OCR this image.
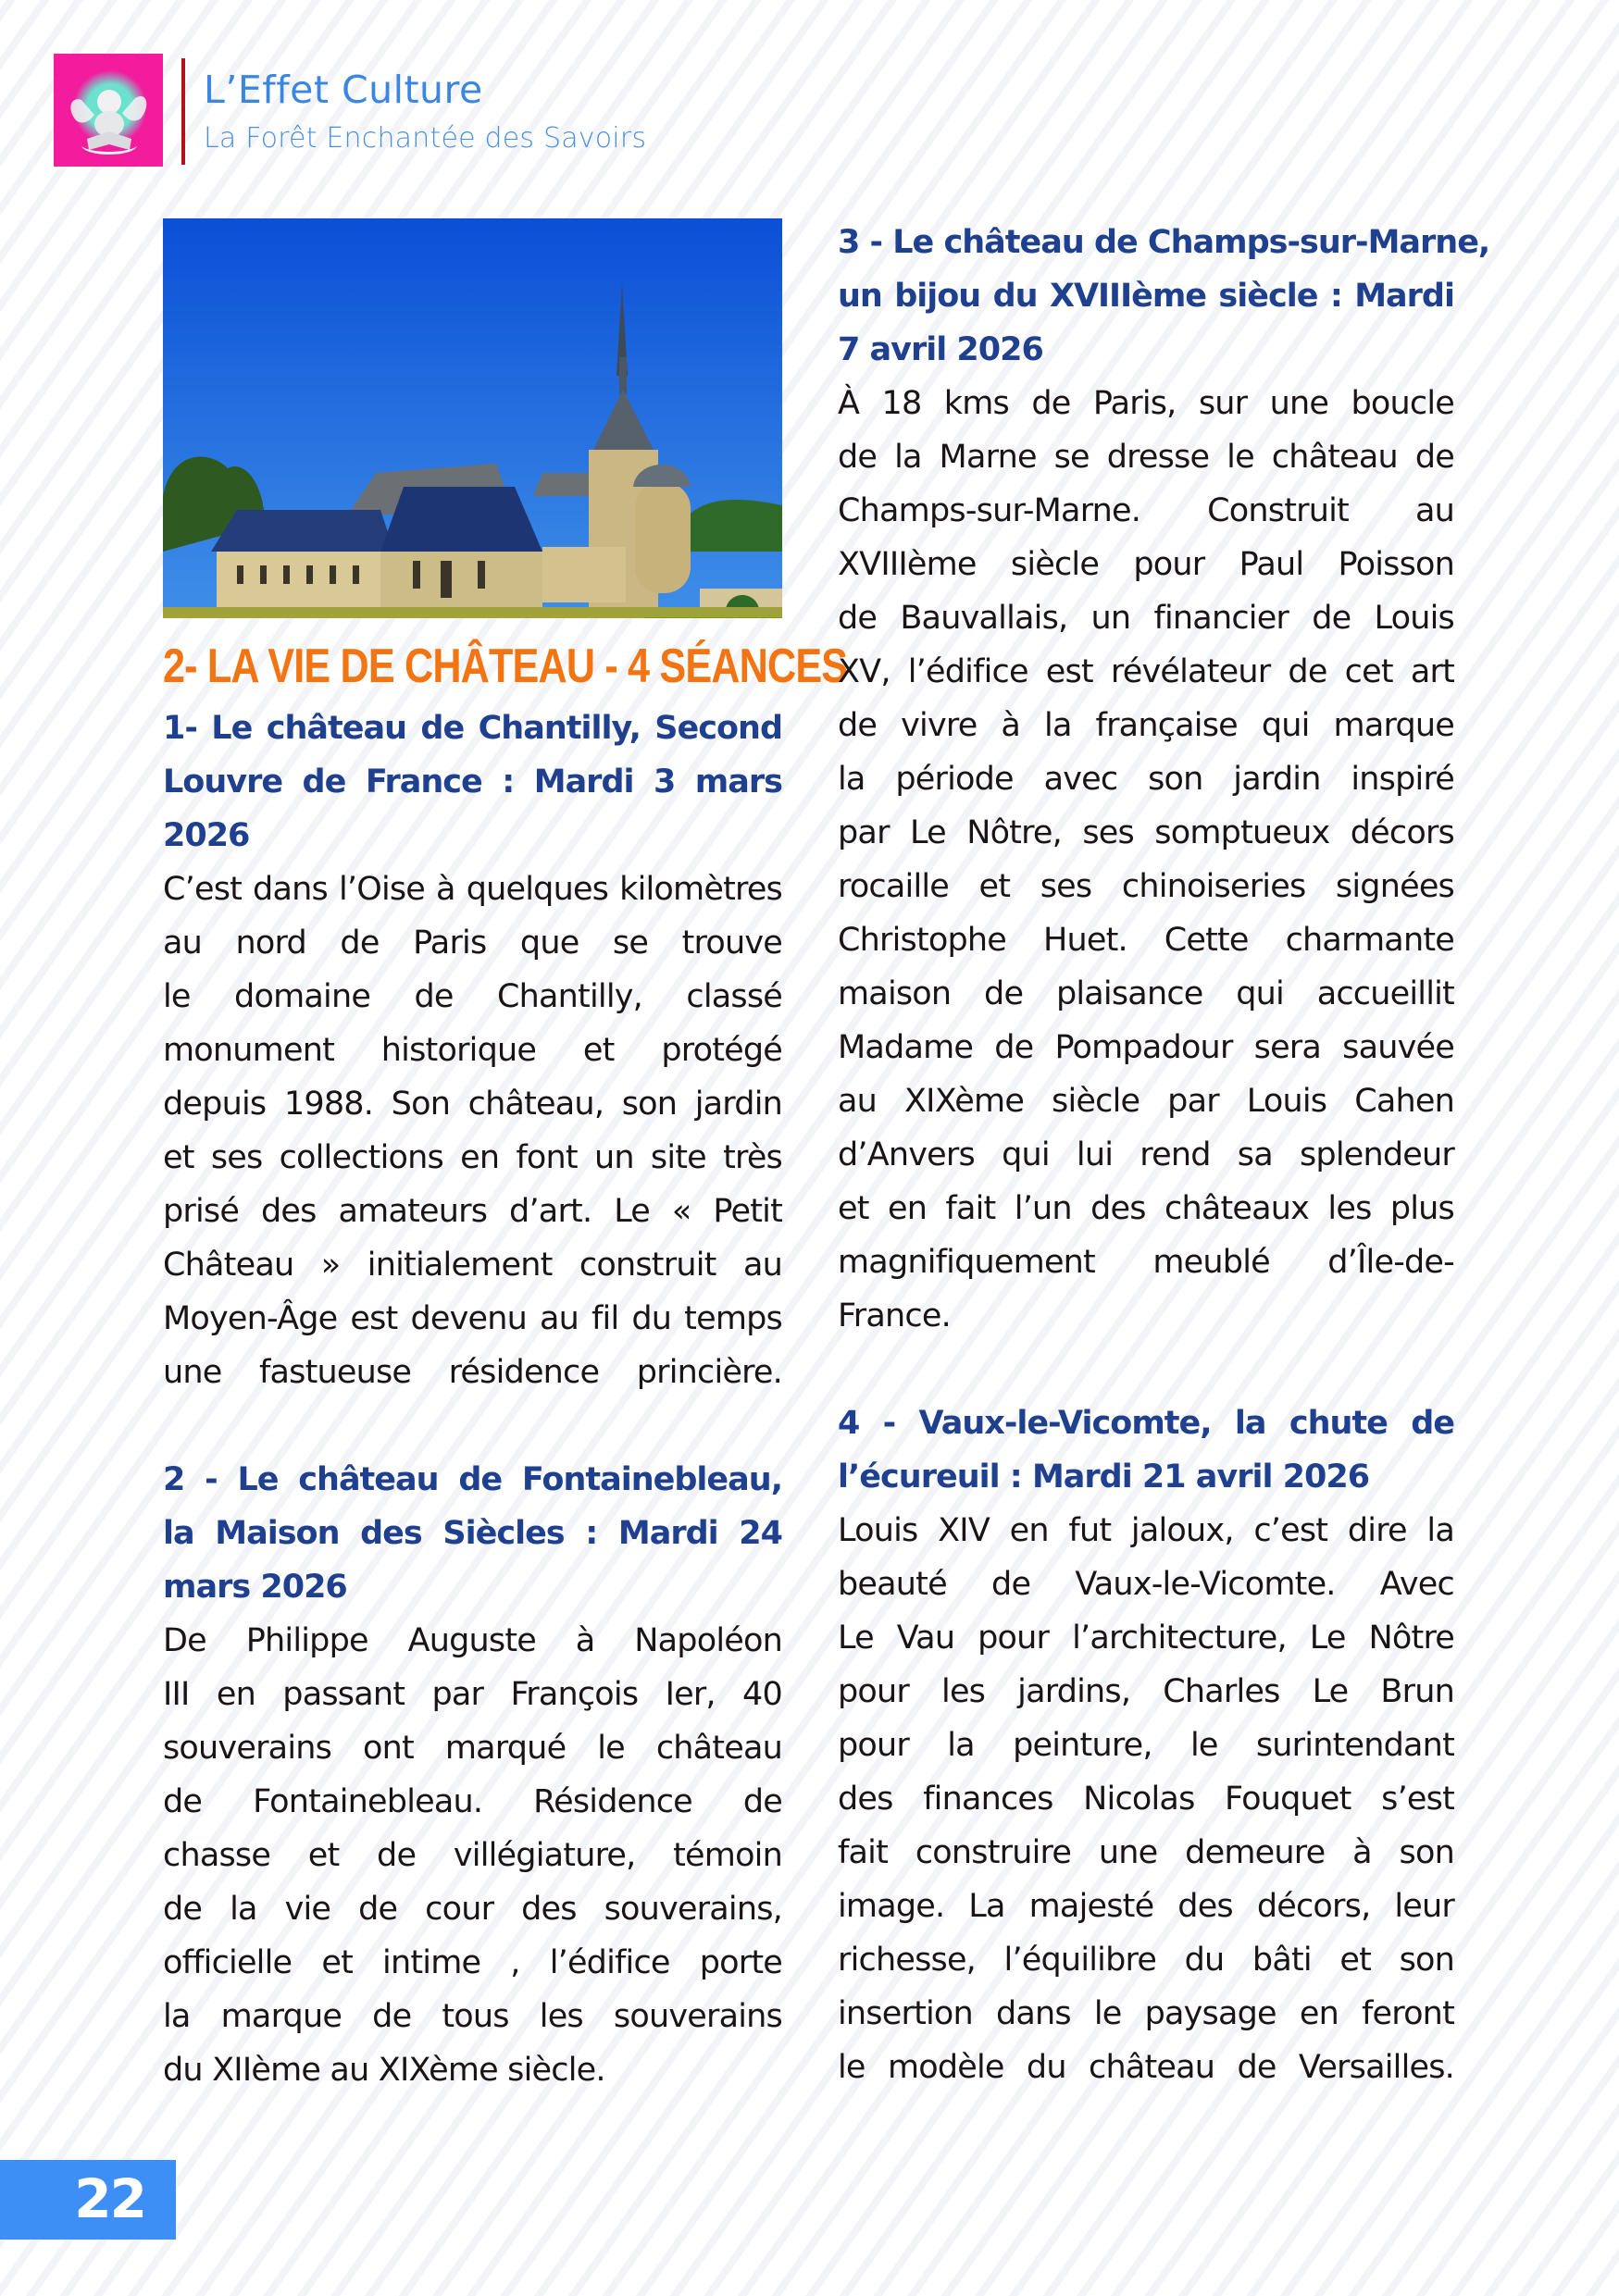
L’Effet Culture
La Forêt Enchantée des Savoirs
2- LA VIE DE CHÂTEAU - 4 SÉANCES
1- Le château de Chantilly, Second
Louvre de France : Mardi 3 mars
2026
C’est dans l’Oise à quelques kilomètres
au nord de Paris que se trouve
le domaine de Chantilly, classé
monument historique et protégé
depuis 1988. Son château, son jardin
et ses collections en font un site très
prisé des amateurs d’art. Le « Petit
Château » initialement construit au
Moyen-Âge est devenu au fil du temps
une fastueuse résidence princière.
2 - Le château de Fontainebleau,
la Maison des Siècles : Mardi 24
mars 2026
De Philippe Auguste à Napoléon
III en passant par François Ier, 40
souverains ont marqué le château
de Fontainebleau. Résidence de
chasse et de villégiature, témoin
de la vie de cour des souverains,
officielle et intime , l’édifice porte
la marque de tous les souverains
du XIIème au XIXème siècle.
3 - Le château de Champs-sur-Marne,
un bijou du XVIIIème siècle : Mardi
7 avril 2026
À 18 kms de Paris, sur une boucle
de la Marne se dresse le château de
Champs-sur-Marne. Construit au
XVIIIème siècle pour Paul Poisson
de Bauvallais, un financier de Louis
XV, l’édifice est révélateur de cet art
de vivre à la française qui marque
la période avec son jardin inspiré
par Le Nôtre, ses somptueux décors
rocaille et ses chinoiseries signées
Christophe Huet. Cette charmante
maison de plaisance qui accueillit
Madame de Pompadour sera sauvée
au XIXème siècle par Louis Cahen
d’Anvers qui lui rend sa splendeur
et en fait l’un des châteaux les plus
magnifiquement meublé d’Île-de-
France.
4 - Vaux-le-Vicomte, la chute de
l’écureuil : Mardi 21 avril 2026
Louis XIV en fut jaloux, c’est dire la
beauté de Vaux-le-Vicomte. Avec
Le Vau pour l’architecture, Le Nôtre
pour les jardins, Charles Le Brun
pour la peinture, le surintendant
des finances Nicolas Fouquet s’est
fait construire une demeure à son
image. La majesté des décors, leur
richesse, l’équilibre du bâti et son
insertion dans le paysage en feront
le modèle du château de Versailles.
22
